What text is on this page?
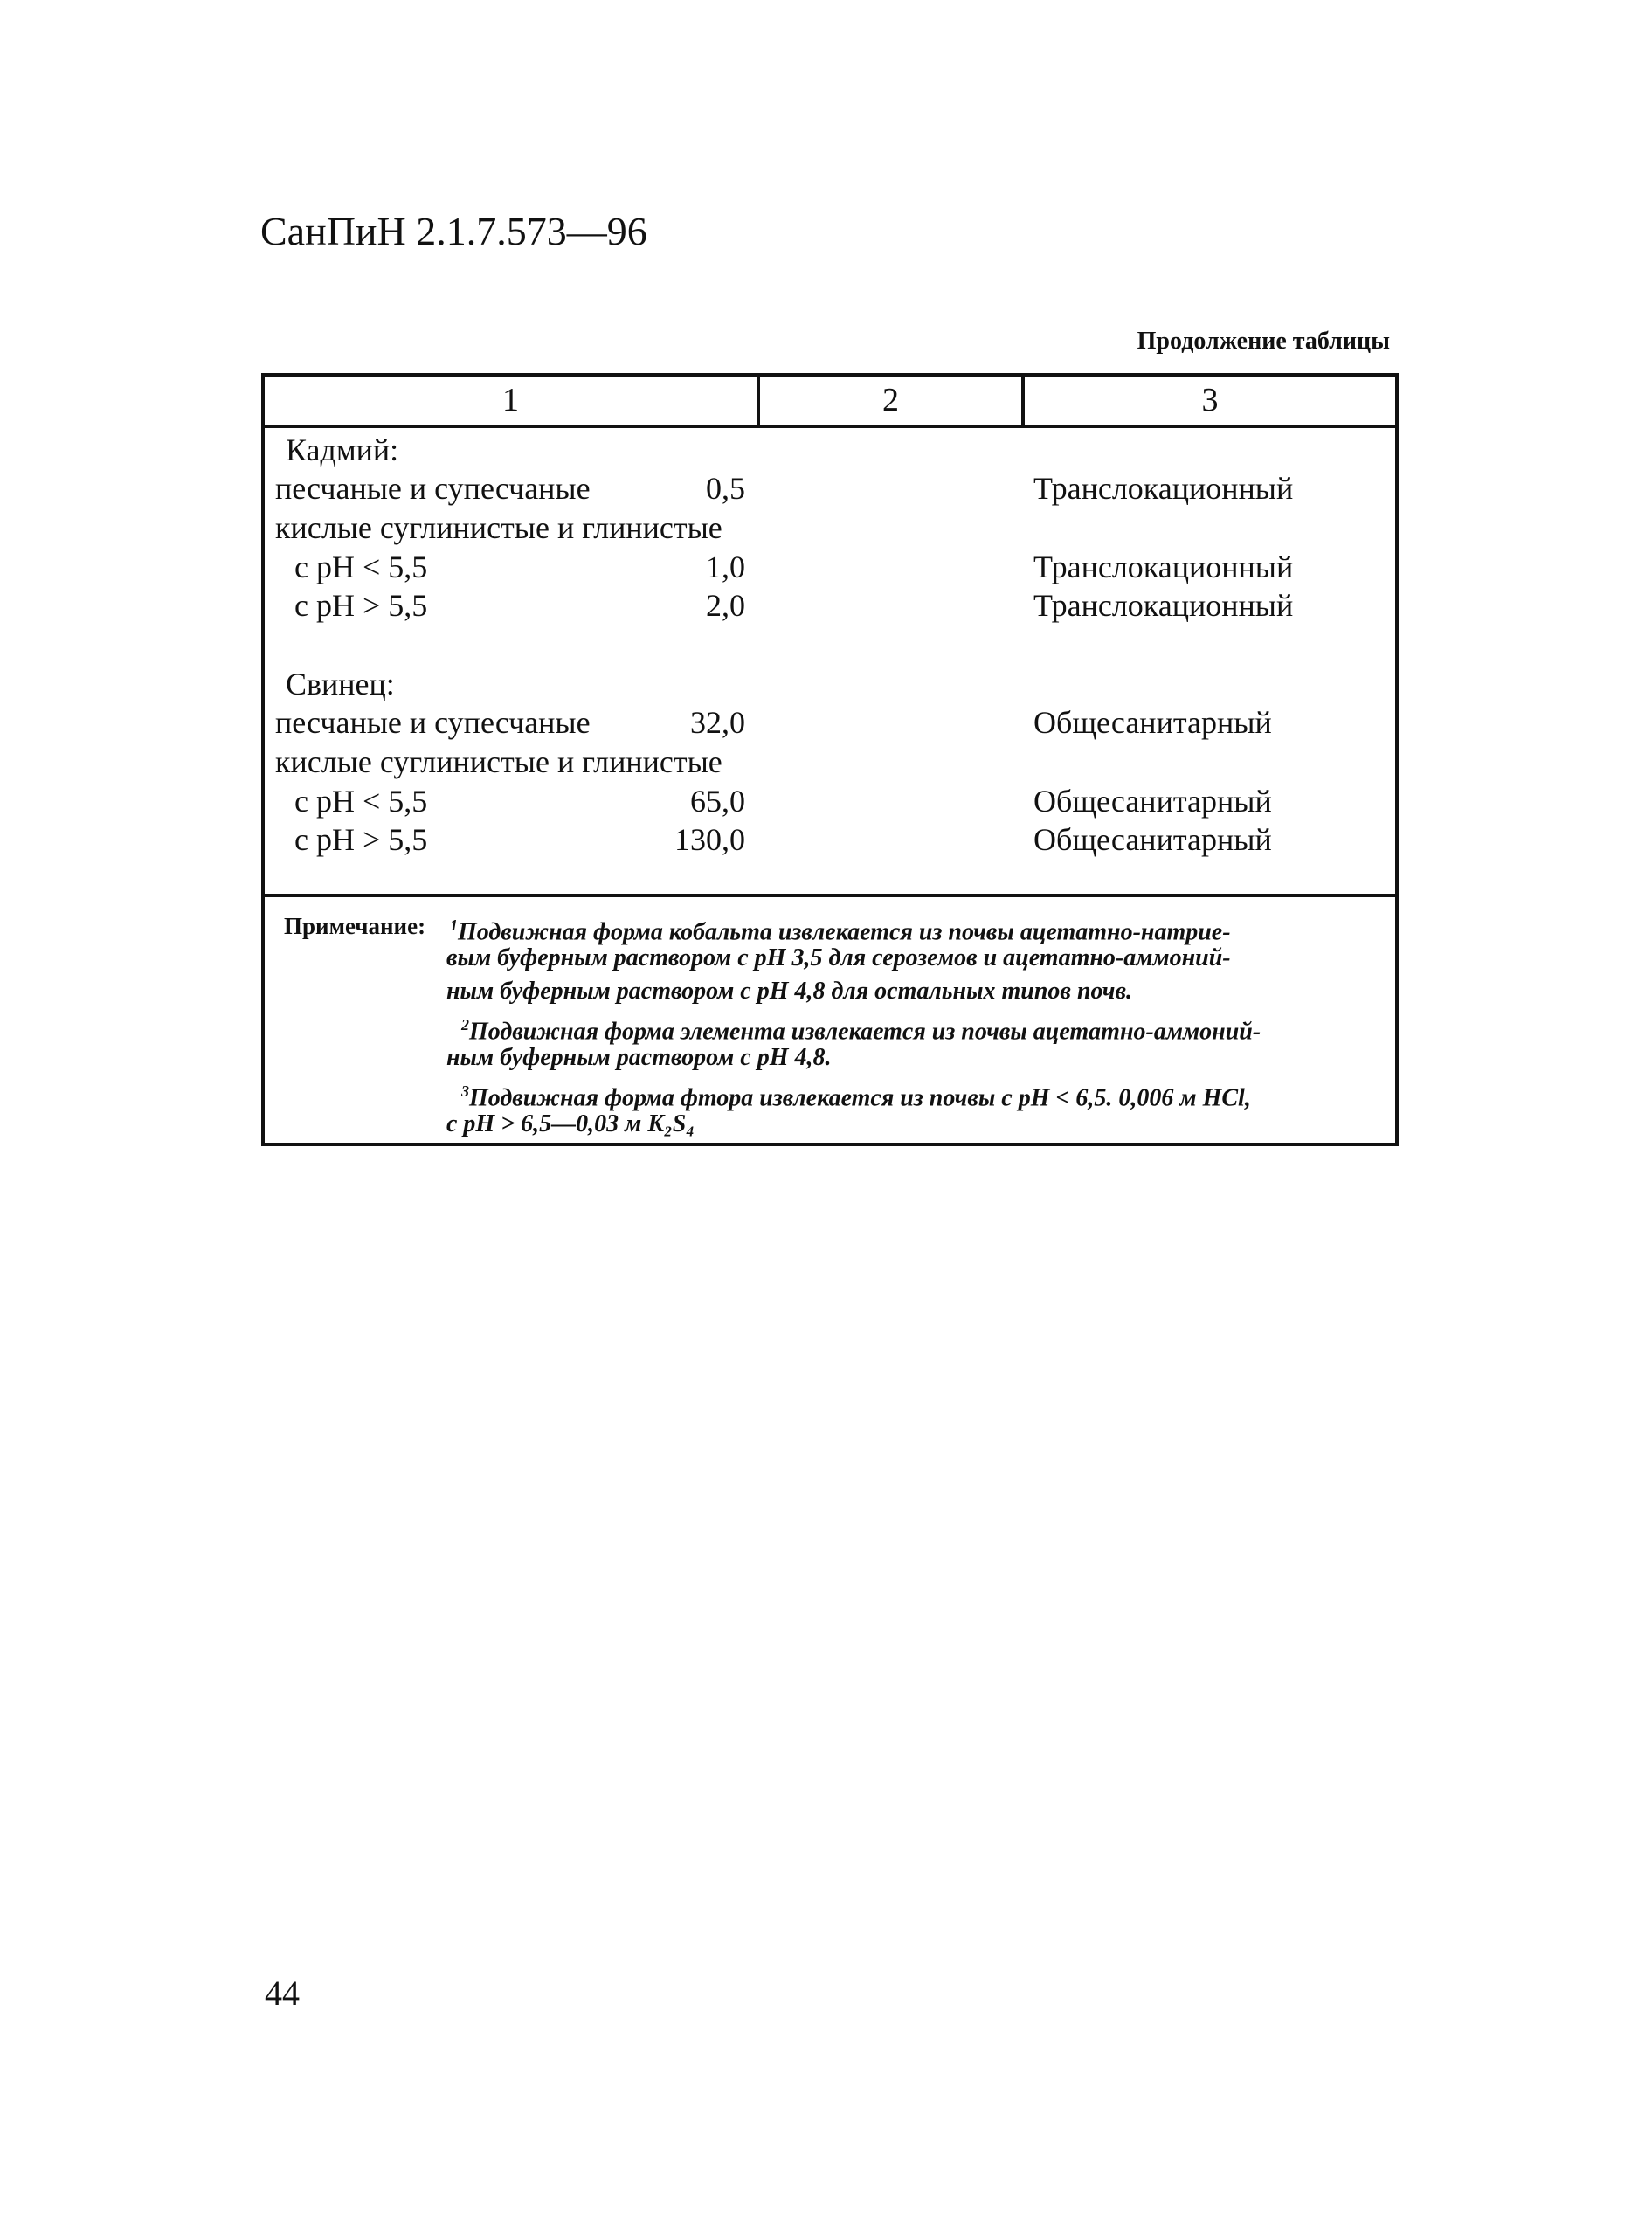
СанПиН 2.1.7.573—96
Продолжение таблицы
1	2	3
Кадмий:
песчаные и супесчаные	0,5	Транслокационный
кислые суглинистые и глинистые
с pH < 5,5	1,0	Транслокационный
с pH > 5,5	2,0	Транслокационный
Свинец:
песчаные и супесчаные	32,0	Общесанитарный
кислые суглинистые и глинистые
с pH < 5,5	65,0	Общесанитарный
с pH > 5,5	130,0	Общесанитарный
Примечание: $^1$Подвижная форма кобальта извлекается из почвы ацетатно-натрие-
вым буферным раствором с pH 3,5 для сероземов и ацетатно-аммоний-
ным буферным раствором с pH 4,8 для остальных типов почв.
$^2$Подвижная форма элемента извлекается из почвы ацетатно-аммоний-
ным буферным раствором с pH 4,8.
$^3$Подвижная форма фтора извлекается из почвы с pH < 6,5. 0,006 м HCl,
с pH > 6,5—0,03 м K₂S₄
44
